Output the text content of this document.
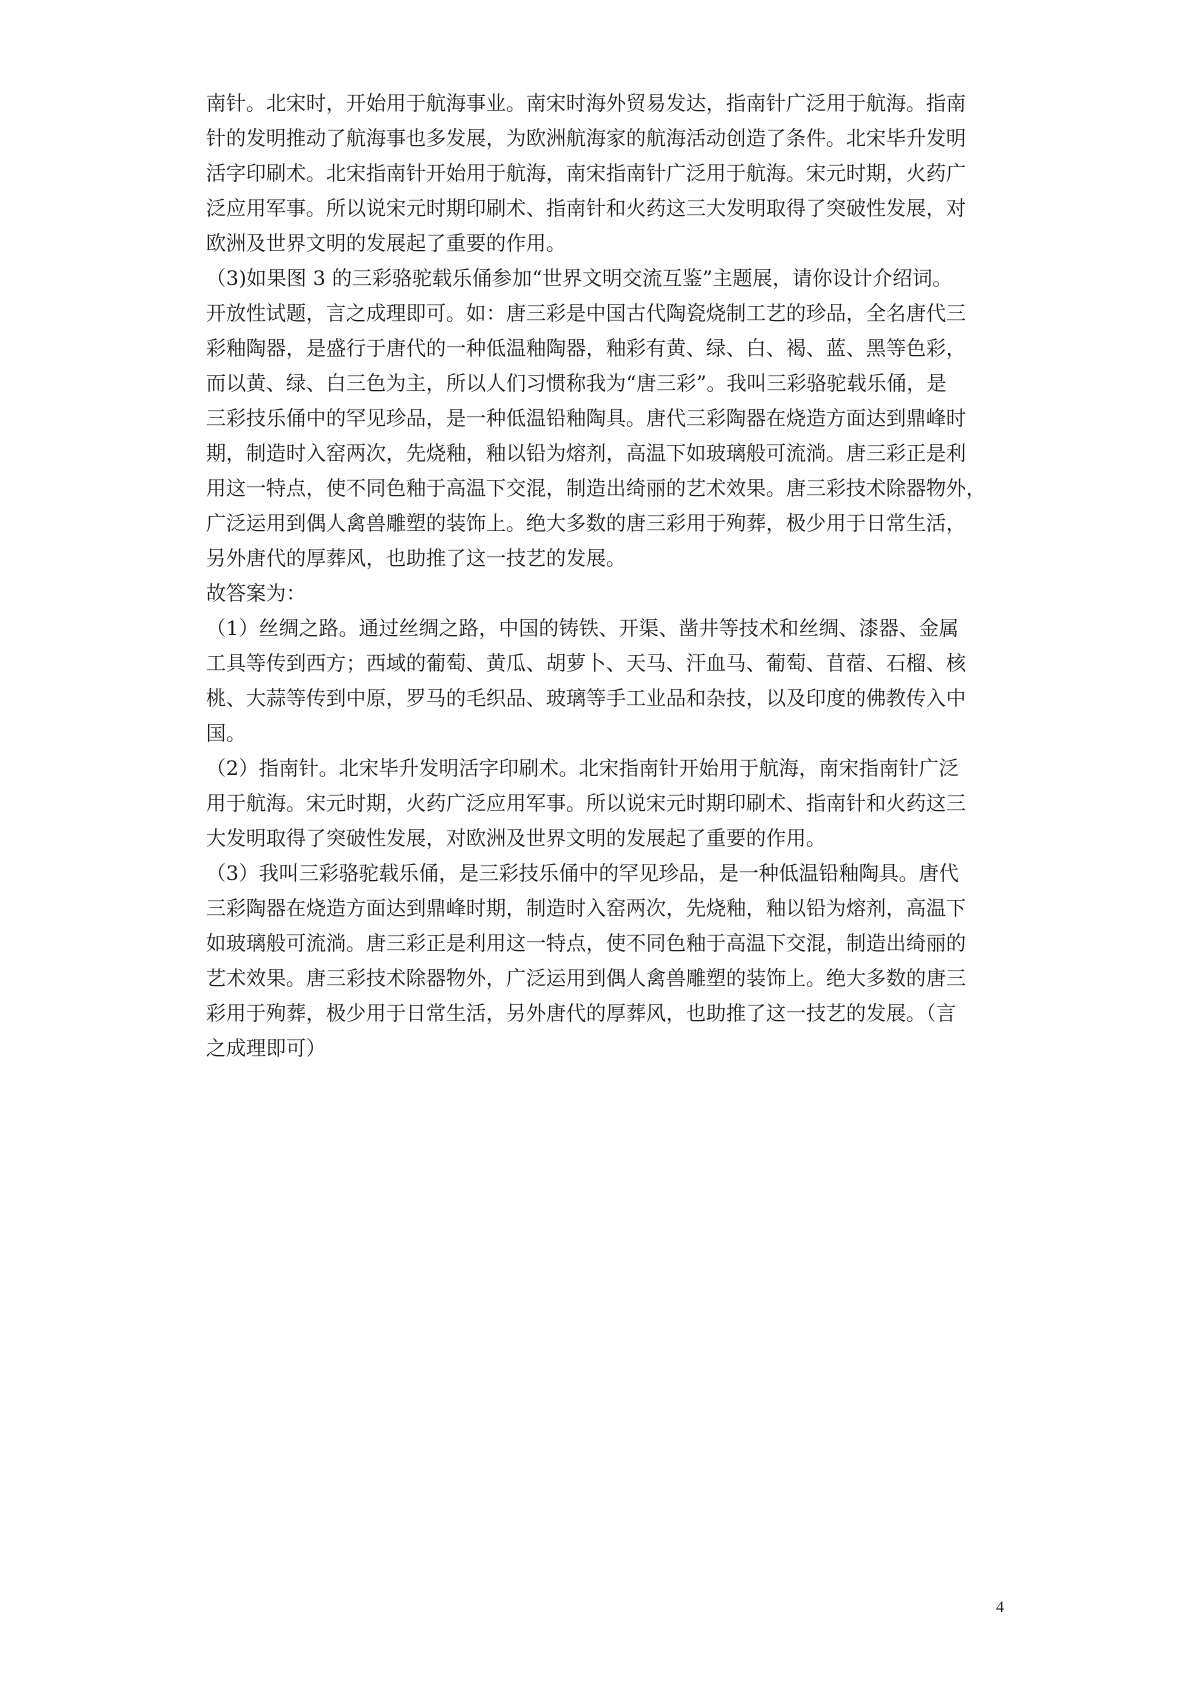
南针。北宋时，开始用于航海事业。南宋时海外贸易发达，指南针广泛用于航海。指南
针的发明推动了航海事也多发展，为欧洲航海家的航海活动创造了条件。北宋毕升发明
活字印刷术。北宋指南针开始用于航海，南宋指南针广泛用于航海。宋元时期，火药广
泛应用军事。所以说宋元时期印刷术、指南针和火药这三大发明取得了突破性发展，对
欧洲及世界文明的发展起了重要的作用。
（3)如果图 3 的三彩骆驼载乐俑参加“世界文明交流互鉴”主题展，请你设计介绍词。
开放性试题，言之成理即可。如：唐三彩是中国古代陶瓷烧制工艺的珍品，全名唐代三
彩釉陶器，是盛行于唐代的一种低温釉陶器，釉彩有黄、绿、白、褐、蓝、黑等色彩，
而以黄、绿、白三色为主，所以人们习惯称我为“唐三彩”。我叫三彩骆驼载乐俑，是
三彩技乐俑中的罕见珍品，是一种低温铅釉陶具。唐代三彩陶器在烧造方面达到鼎峰时
期，制造时入窑两次，先烧釉，釉以铅为熔剂，高温下如玻璃般可流淌。唐三彩正是利
用这一特点，使不同色釉于高温下交混，制造出绮丽的艺术效果。唐三彩技术除器物外，
广泛运用到偶人禽兽雕塑的装饰上。绝大多数的唐三彩用于殉葬，极少用于日常生活，
另外唐代的厚葬风，也助推了这一技艺的发展。
故答案为：
（1）丝绸之路。通过丝绸之路，中国的铸铁、开渠、凿井等技术和丝绸、漆器、金属
工具等传到西方；西域的葡萄、黄瓜、胡萝卜、天马、汗血马、葡萄、苜蓿、石榴、核
桃、大蒜等传到中原，罗马的毛织品、玻璃等手工业品和杂技，以及印度的佛教传入中
国。
（2）指南针。北宋毕升发明活字印刷术。北宋指南针开始用于航海，南宋指南针广泛
用于航海。宋元时期，火药广泛应用军事。所以说宋元时期印刷术、指南针和火药这三
大发明取得了突破性发展，对欧洲及世界文明的发展起了重要的作用。
（3）我叫三彩骆驼载乐俑，是三彩技乐俑中的罕见珍品，是一种低温铅釉陶具。唐代
三彩陶器在烧造方面达到鼎峰时期，制造时入窑两次，先烧釉，釉以铅为熔剂，高温下
如玻璃般可流淌。唐三彩正是利用这一特点，使不同色釉于高温下交混，制造出绮丽的
艺术效果。唐三彩技术除器物外，广泛运用到偶人禽兽雕塑的装饰上。绝大多数的唐三
彩用于殉葬，极少用于日常生活，另外唐代的厚葬风，也助推了这一技艺的发展。（言
之成理即可）
4
